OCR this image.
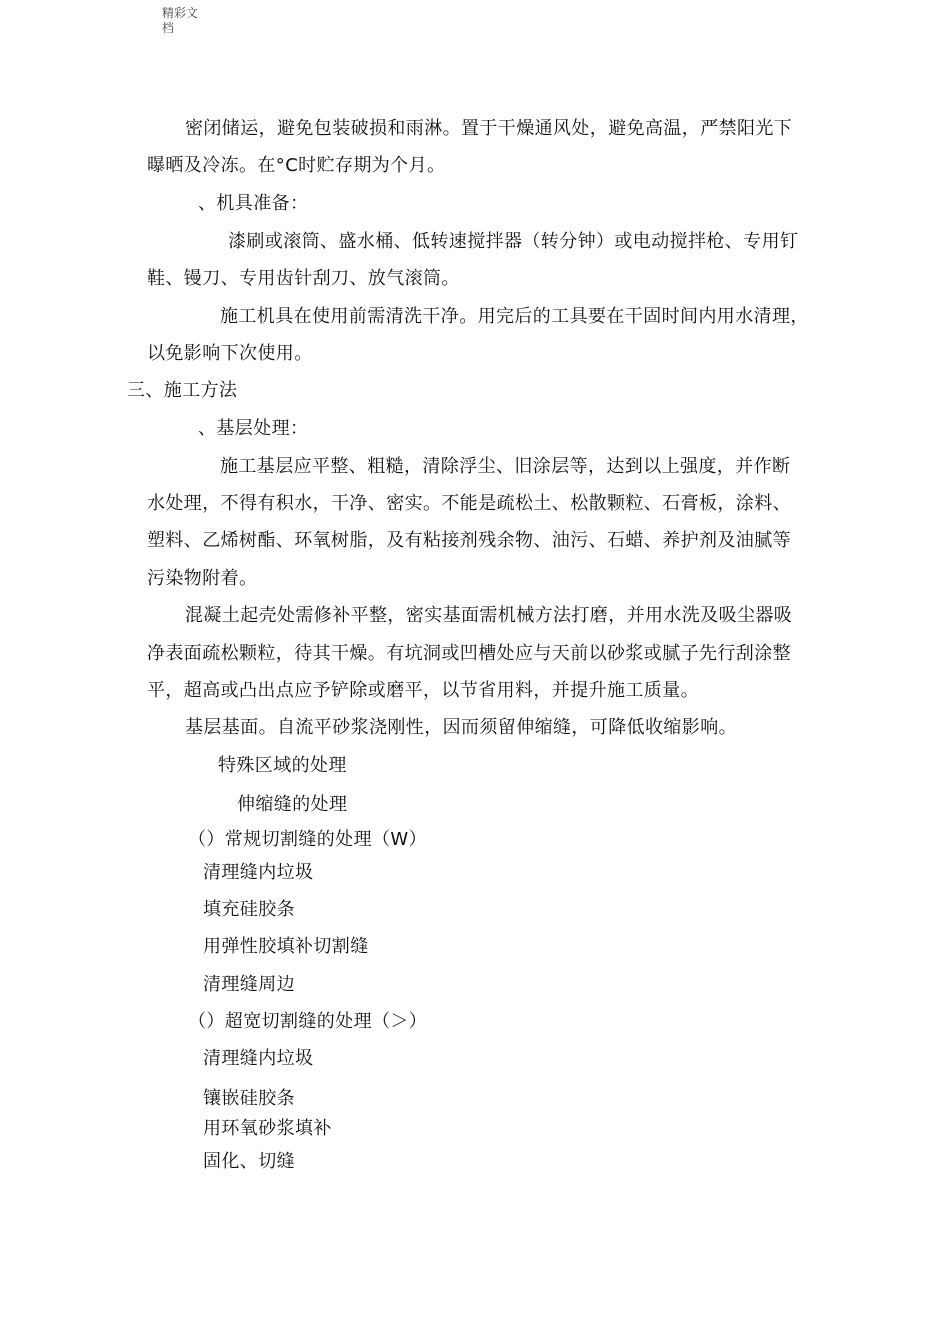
精彩文
档
密闭储运，避免包装破损和雨淋。置于干燥通风处，避免高温，严禁阳光下
曝晒及冷冻。在°C时贮存期为个月。
、机具准备：
漆刷或滚筒、盛水桶、低转速搅拌器（转分钟）或电动搅拌枪、专用钉
鞋、镘刀、专用齿针刮刀、放气滚筒。
施工机具在使用前需清洗干净。用完后的工具要在干固时间内用水清理，
以免影响下次使用。
三、施工方法
、基层处理：
施工基层应平整、粗糙，清除浮尘、旧涂层等，达到以上强度，并作断
水处理，不得有积水，干净、密实。不能是疏松土、松散颗粒、石膏板，涂料、
塑料、乙烯树酯、环氧树脂，及有粘接剂残余物、油污、石蜡、养护剂及油腻等
污染物附着。
混凝土起壳处需修补平整，密实基面需机械方法打磨，并用水洗及吸尘器吸
净表面疏松颗粒，待其干燥。有坑洞或凹槽处应与天前以砂浆或腻子先行刮涂整
平，超高或凸出点应予铲除或磨平，以节省用料，并提升施工质量。
基层基面。自流平砂浆浇刚性，因而须留伸缩缝，可降低收缩影响。
特殊区域的处理
伸缩缝的处理
（）常规切割缝的处理（W）
清理缝内垃圾
填充硅胶条
用弹性胶填补切割缝
清理缝周边
（）超宽切割缝的处理（＞）
清理缝内垃圾
镶嵌硅胶条
用环氧砂浆填补
固化、切缝
